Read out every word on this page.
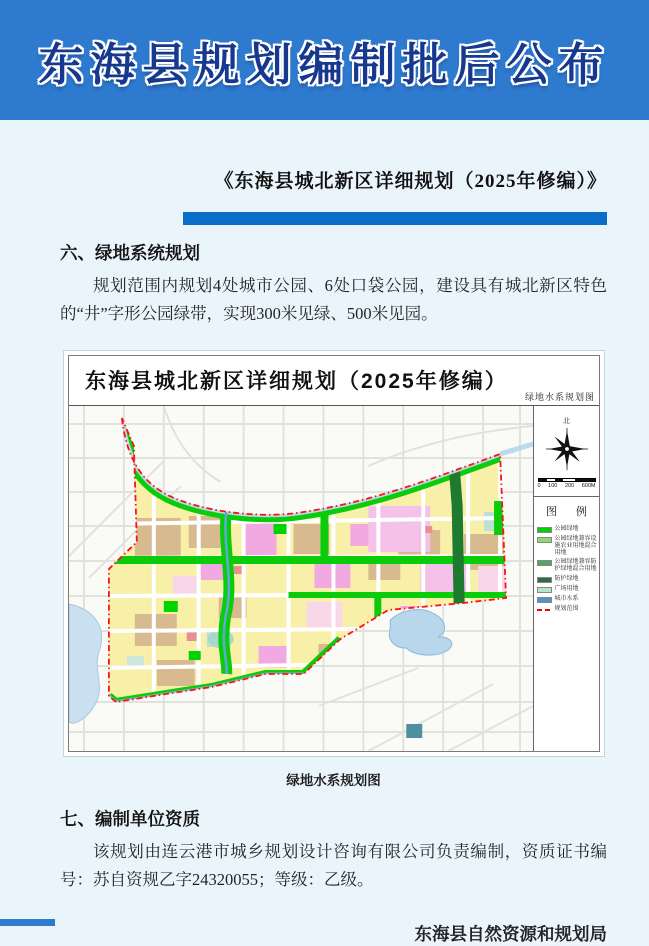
东海县规划编制批后公布
《东海县城北新区详细规划（2025年修编）》
六、绿地系统规划

规划范围内规划4处城市公园、6处口袋公园，建设具有城北新区特色的“井”字形公园绿带，实现300米见绿、500米见园。

东海县城北新区详细规划（2025年修编）
绿地水系规划图
北
0 100 200 600M
图 例
公园绿地
公园绿地兼容设施农业用地混合用地
公园绿地兼容防护绿地混合用地
防护绿地
广场用地
城市水系
规划范围
绿地水系规划图
七、编制单位资质

该规划由连云港市城乡规划设计咨询有限公司负责编制，资质证书编号：苏自资规乙字24320055；等级：乙级。

东海县自然资源和规划局
